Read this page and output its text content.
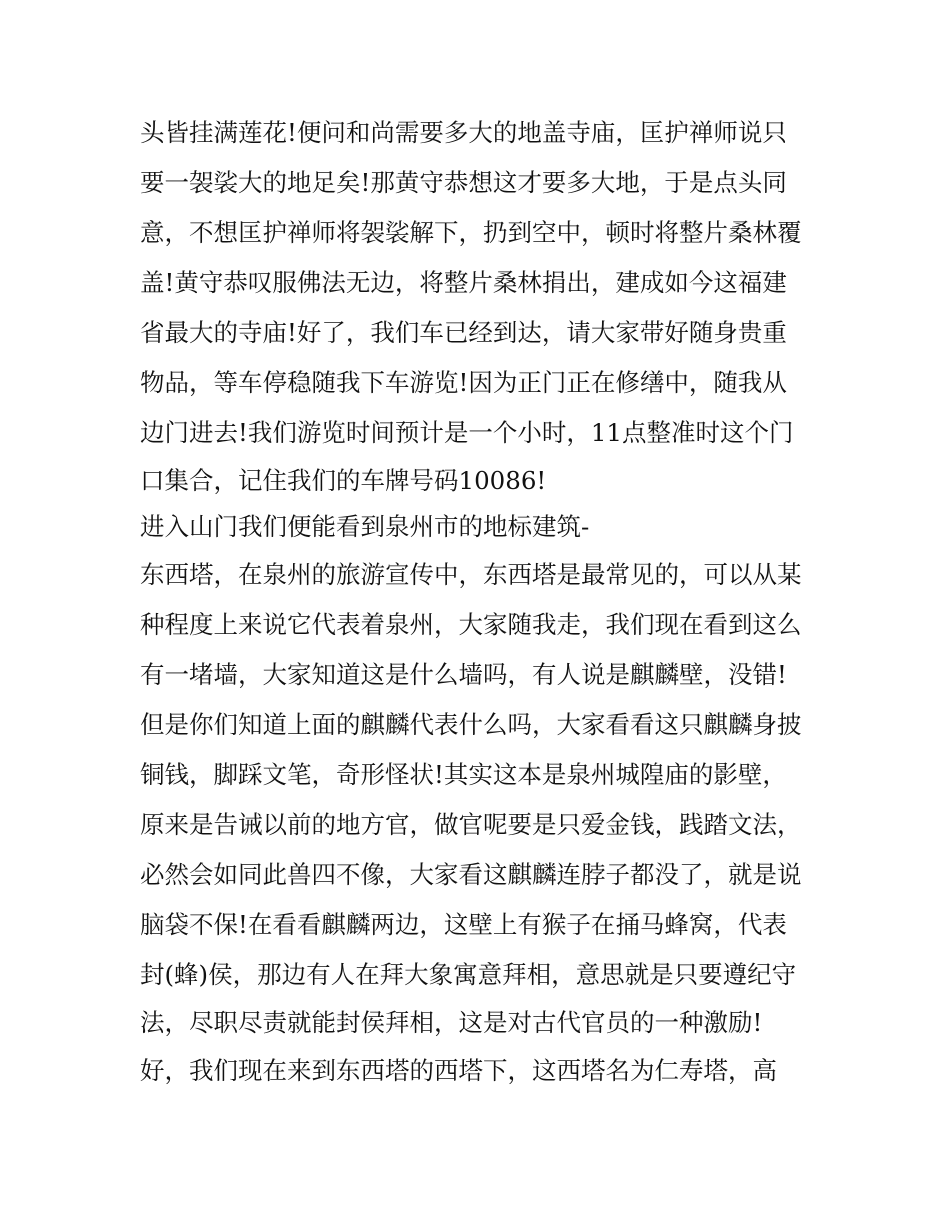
头皆挂满莲花!便问和尚需要多大的地盖寺庙，匡护禅师说只
要一袈裟大的地足矣!那黄守恭想这才要多大地，于是点头同
意，不想匡护禅师将袈裟解下，扔到空中，顿时将整片桑林覆
盖!黄守恭叹服佛法无边，将整片桑林捐出，建成如今这福建
省最大的寺庙!好了，我们车已经到达，请大家带好随身贵重
物品，等车停稳随我下车游览!因为正门正在修缮中，随我从
边门进去!我们游览时间预计是一个小时，11点整准时这个门
口集合，记住我们的车牌号码10086!
进入山门我们便能看到泉州市的地标建筑-
东西塔，在泉州的旅游宣传中，东西塔是最常见的，可以从某
种程度上来说它代表着泉州，大家随我走，我们现在看到这么
有一堵墙，大家知道这是什么墙吗，有人说是麒麟壁，没错!
但是你们知道上面的麒麟代表什么吗，大家看看这只麒麟身披
铜钱，脚踩文笔，奇形怪状!其实这本是泉州城隍庙的影壁，
原来是告诫以前的地方官，做官呢要是只爱金钱，践踏文法，
必然会如同此兽四不像，大家看这麒麟连脖子都没了，就是说
脑袋不保!在看看麒麟两边，这壁上有猴子在捅马蜂窝，代表
封(蜂)侯，那边有人在拜大象寓意拜相，意思就是只要遵纪守
法，尽职尽责就能封侯拜相，这是对古代官员的一种激励!
好，我们现在来到东西塔的西塔下，这西塔名为仁寿塔，高
